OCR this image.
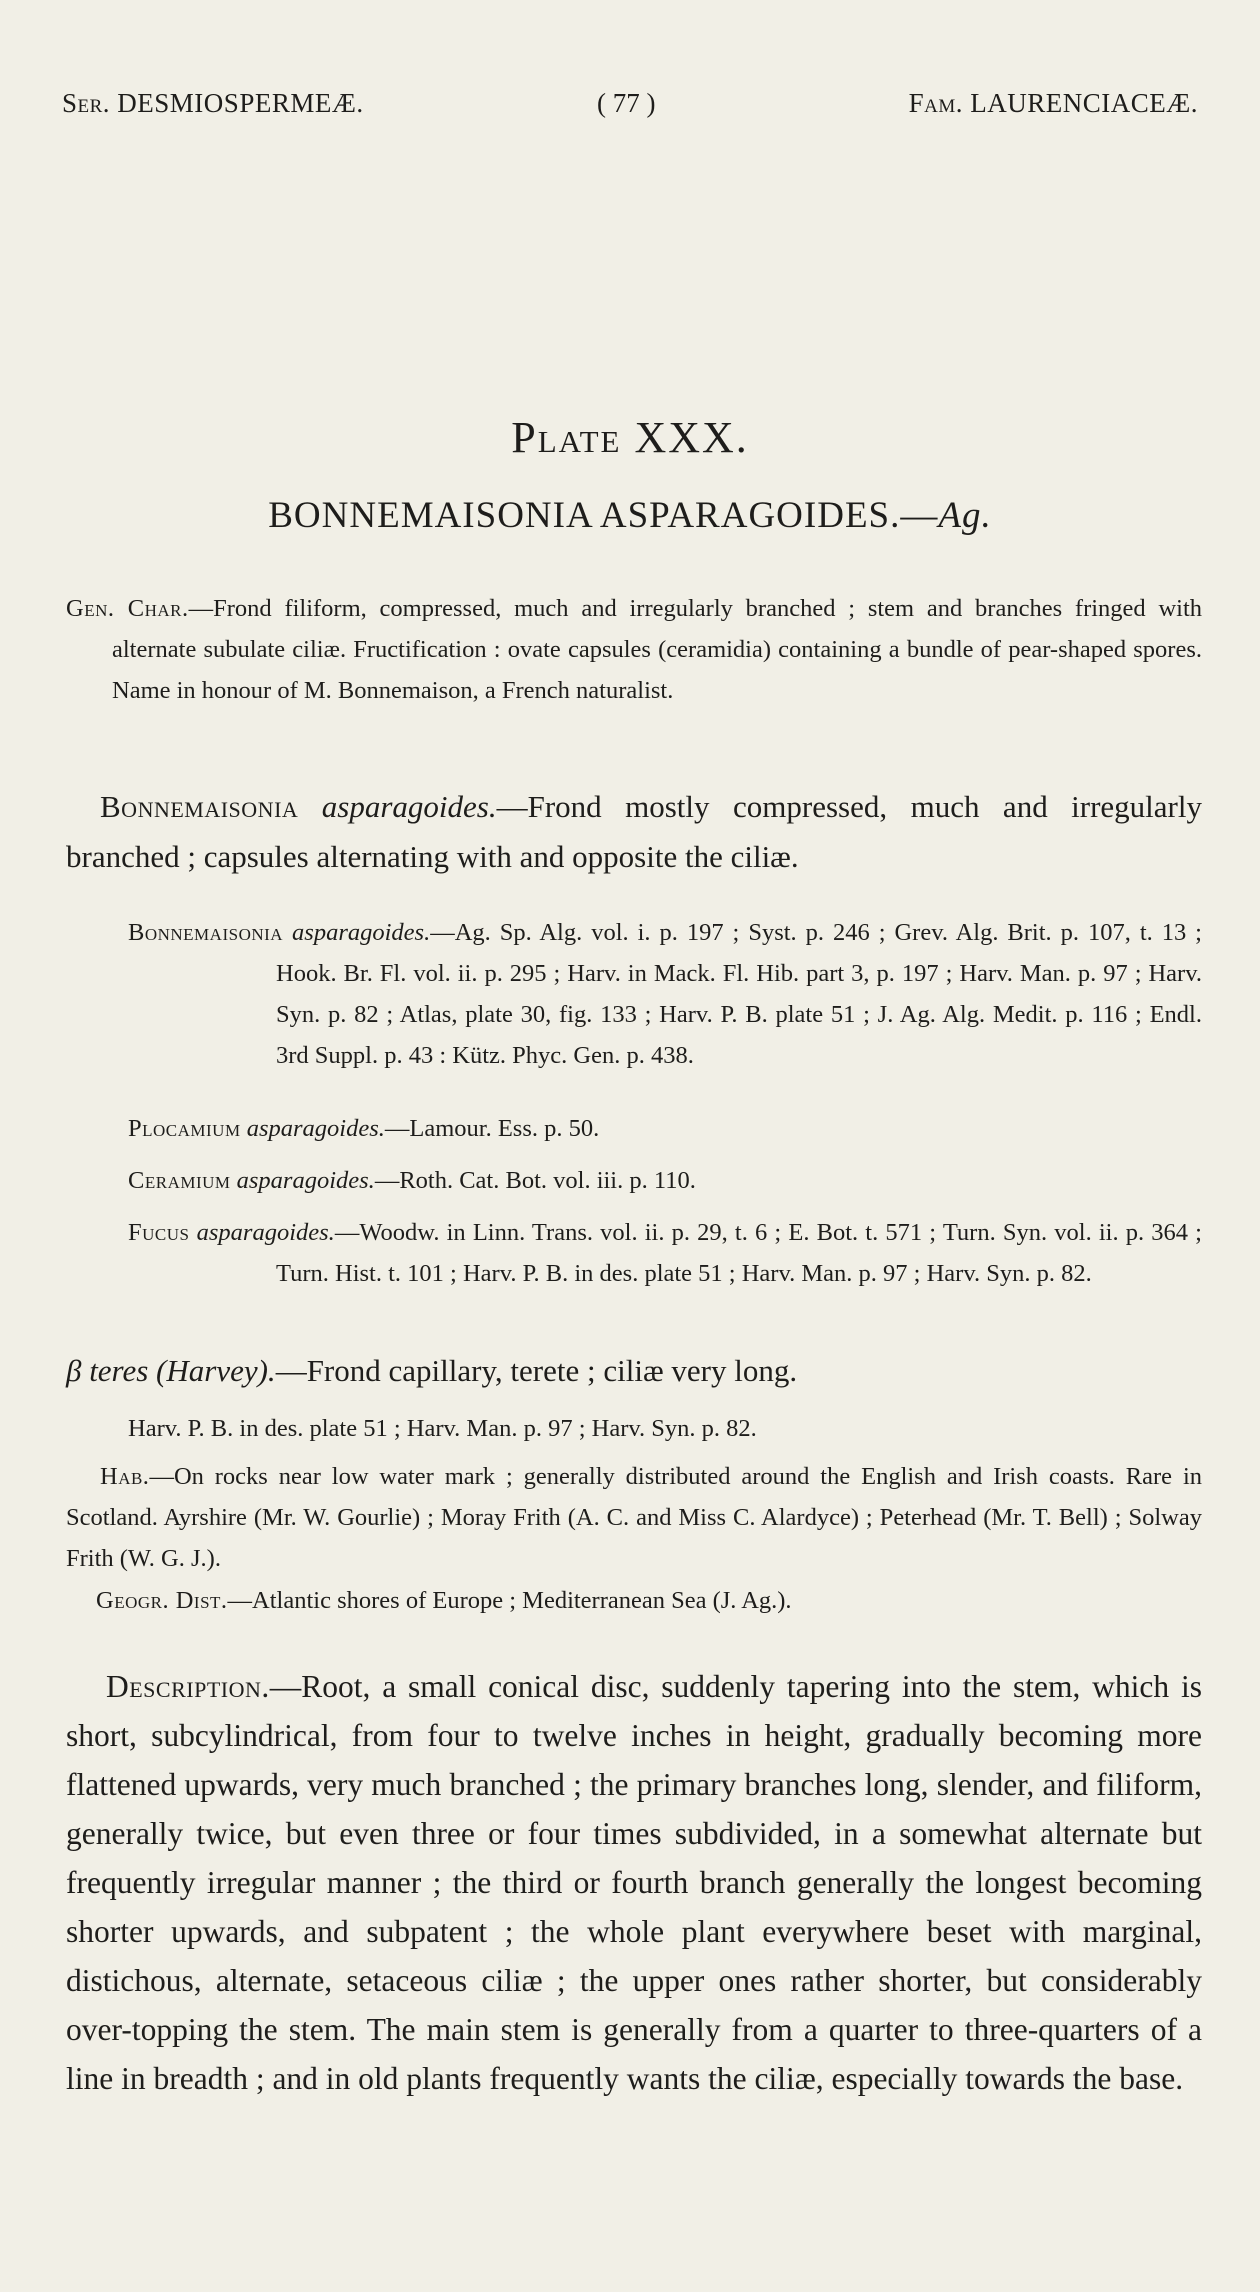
Ser. DESMIOSPERMEÆ.	( 77 )	Fam. LAURENCIACEÆ.
Plate XXX.
BONNEMAISONIA ASPARAGOIDES.—Ag.
Gen. Char.—Frond filiform, compressed, much and irregularly branched ; stem and branches fringed with alternate subulate ciliæ. Fructification : ovate capsules (ceramidia) containing a bundle of pear-shaped spores. Name in honour of M. Bonnemaison, a French naturalist.

Bonnemaisonia asparagoides.—Frond mostly compressed, much and irregularly branched ; capsules alternating with and opposite the ciliæ.

Bonnemaisonia asparagoides.—Ag. Sp. Alg. vol. i. p. 197 ; Syst. p. 246 ; Grev. Alg. Brit. p. 107, t. 13 ; Hook. Br. Fl. vol. ii. p. 295 ; Harv. in Mack. Fl. Hib. part 3, p. 197 ; Harv. Man. p. 97 ; Harv. Syn. p. 82 ; Atlas, plate 30, fig. 133 ; Harv. P. B. plate 51 ; J. Ag. Alg. Medit. p. 116 ; Endl. 3rd Suppl. p. 43 : Kütz. Phyc. Gen. p. 438.

Plocamium asparagoides.—Lamour. Ess. p. 50.

Ceramium asparagoides.—Roth. Cat. Bot. vol. iii. p. 110.

Fucus asparagoides.—Woodw. in Linn. Trans. vol. ii. p. 29, t. 6 ; E. Bot. t. 571 ; Turn. Syn. vol. ii. p. 364 ; Turn. Hist. t. 101 ; Harv. P. B. in des. plate 51 ; Harv. Man. p. 97 ; Harv. Syn. p. 82.

β teres (Harvey).—Frond capillary, terete ; ciliæ very long.
Harv. P. B. in des. plate 51 ; Harv. Man. p. 97 ; Harv. Syn. p. 82.

Hab.—On rocks near low water mark ; generally distributed around the English and Irish coasts. Rare in Scotland. Ayrshire (Mr. W. Gourlie) ; Moray Frith (A. C. and Miss C. Alardyce) ; Peterhead (Mr. T. Bell) ; Solway Frith (W. G. J.).

Geogr. Dist.—Atlantic shores of Europe ; Mediterranean Sea (J. Ag.).

Description.—Root, a small conical disc, suddenly tapering into the stem, which is short, subcylindrical, from four to twelve inches in height, gradually becoming more flattened upwards, very much branched ; the primary branches long, slender, and filiform, generally twice, but even three or four times subdivided, in a somewhat alternate but frequently irregular manner ; the third or fourth branch generally the longest becoming shorter upwards, and subpatent ; the whole plant everywhere beset with marginal, distichous, alternate, setaceous ciliæ ; the upper ones rather shorter, but considerably over-topping the stem. The main stem is generally from a quarter to three-quarters of a line in breadth ; and in old plants frequently wants the ciliæ, especially towards the base.
